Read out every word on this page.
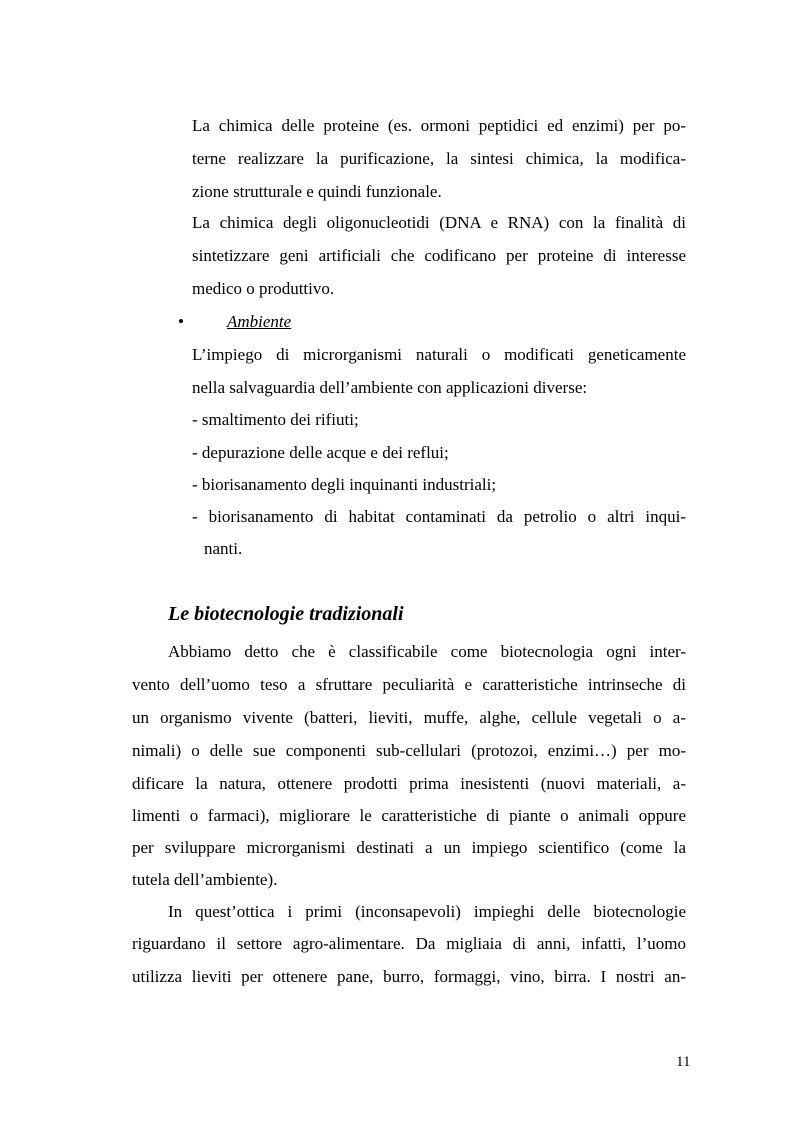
La chimica delle proteine (es. ormoni peptidici ed enzimi) per po-
terne realizzare la purificazione, la sintesi chimica, la modifica-
zione strutturale e quindi funzionale.
La chimica degli oligonucleotidi (DNA e RNA) con la finalità di
sintetizzare geni artificiali che codificano per proteine di interesse
medico o produttivo.
•	Ambiente
L’impiego di microrganismi naturali o modificati geneticamente
nella salvaguardia dell’ambiente con applicazioni diverse:
- smaltimento dei rifiuti;
- depurazione delle acque e dei reflui;
- biorisanamento degli inquinanti industriali;
- biorisanamento di habitat contaminati da petrolio o altri inqui-
nanti.
Le biotecnologie tradizionali
Abbiamo detto che è classificabile come biotecnologia ogni inter-
vento dell’uomo teso a sfruttare peculiarità e caratteristiche intrinseche di
un organismo vivente (batteri, lieviti, muffe, alghe, cellule vegetali o a-
nimali) o delle sue componenti sub-cellulari (protozoi, enzimi…) per mo-
dificare la natura, ottenere prodotti prima inesistenti (nuovi materiali, a-
limenti o farmaci), migliorare le caratteristiche di piante o animali oppure
per sviluppare microrganismi destinati a un impiego scientifico (come la
tutela dell’ambiente).
In quest’ottica i primi (inconsapevoli) impieghi delle biotecnologie
riguardano il settore agro-alimentare. Da migliaia di anni, infatti, l’uomo
utilizza lieviti per ottenere pane, burro, formaggi, vino, birra. I nostri an-
11
